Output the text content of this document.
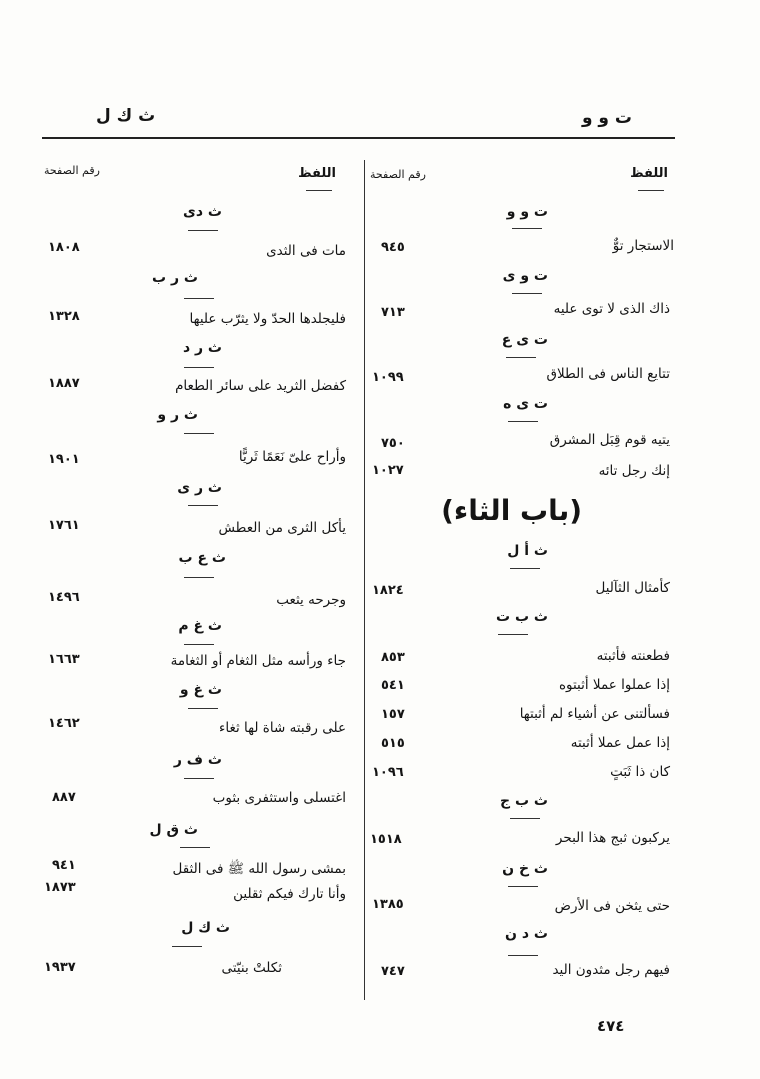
ت و و
ث ك ل
اللفظ
رقم الصفحة
اللفظ
رقم الصفحة
ت و و
الاستجار توٌّ
٩٤٥
ت و ى
ذاك الذى لا توى عليه
٧١٣
ت ى ع
تتايع الناس فى الطلاق
١٠٩٩
ت ى ه
يتيه قوم قِبَل المشرق
٧٥٠
إنك رجل تائه
١٠٢٧
(باب الثاء)
ث أ ل
كأمثال الثآليل
١٨٢٤
ث ب ت
فطعنته فأثبته
٨٥٣
إذا عملوا عملا أثبتوه
٥٤١
فسألتنى عن أشياء لم أثبتها
١٥٧
إذا عمل عملا أثبته
٥١٥
كان ذا ثَبَتٍ
١٠٩٦
ث ب ج
يركبون ثبج هذا البحر
١٥١٨
ث خ ن
حتى يثخن فى الأرض
١٣٨٥
ث د ن
فيهم رجل مثدون اليد
٧٤٧
ث دى
مات فى الثدى
١٨٠٨
ث ر ب
فليجلدها الحدّ ولا يثرّب عليها
١٣٢٨
ث ر د
كفضل الثريد على سائر الطعام
١٨٨٧
ث ر و
وأراح علىّ نَعَمًا ثَريًّا
١٩٠١
ث ر ى
يأكل الثرى من العطش
١٧٦١
ث ع ب
وجرحه يثعب
١٤٩٦
ث غ م
جاء ورأسه مثل الثغام أو الثغامة
١٦٦٣
ث غ و
على رقبته شاة لها ثغاء
١٤٦٢
ث ف ر
اغتسلى واستثفرى بثوب
٨٨٧
ث ق ل
بمشى رسول الله ﷺ فى الثقل
٩٤١
وأنا تارك فيكم ثقلين
١٨٧٣
ث ك ل
ثكلتْ بنيّتى
١٩٣٧
٤٧٤
